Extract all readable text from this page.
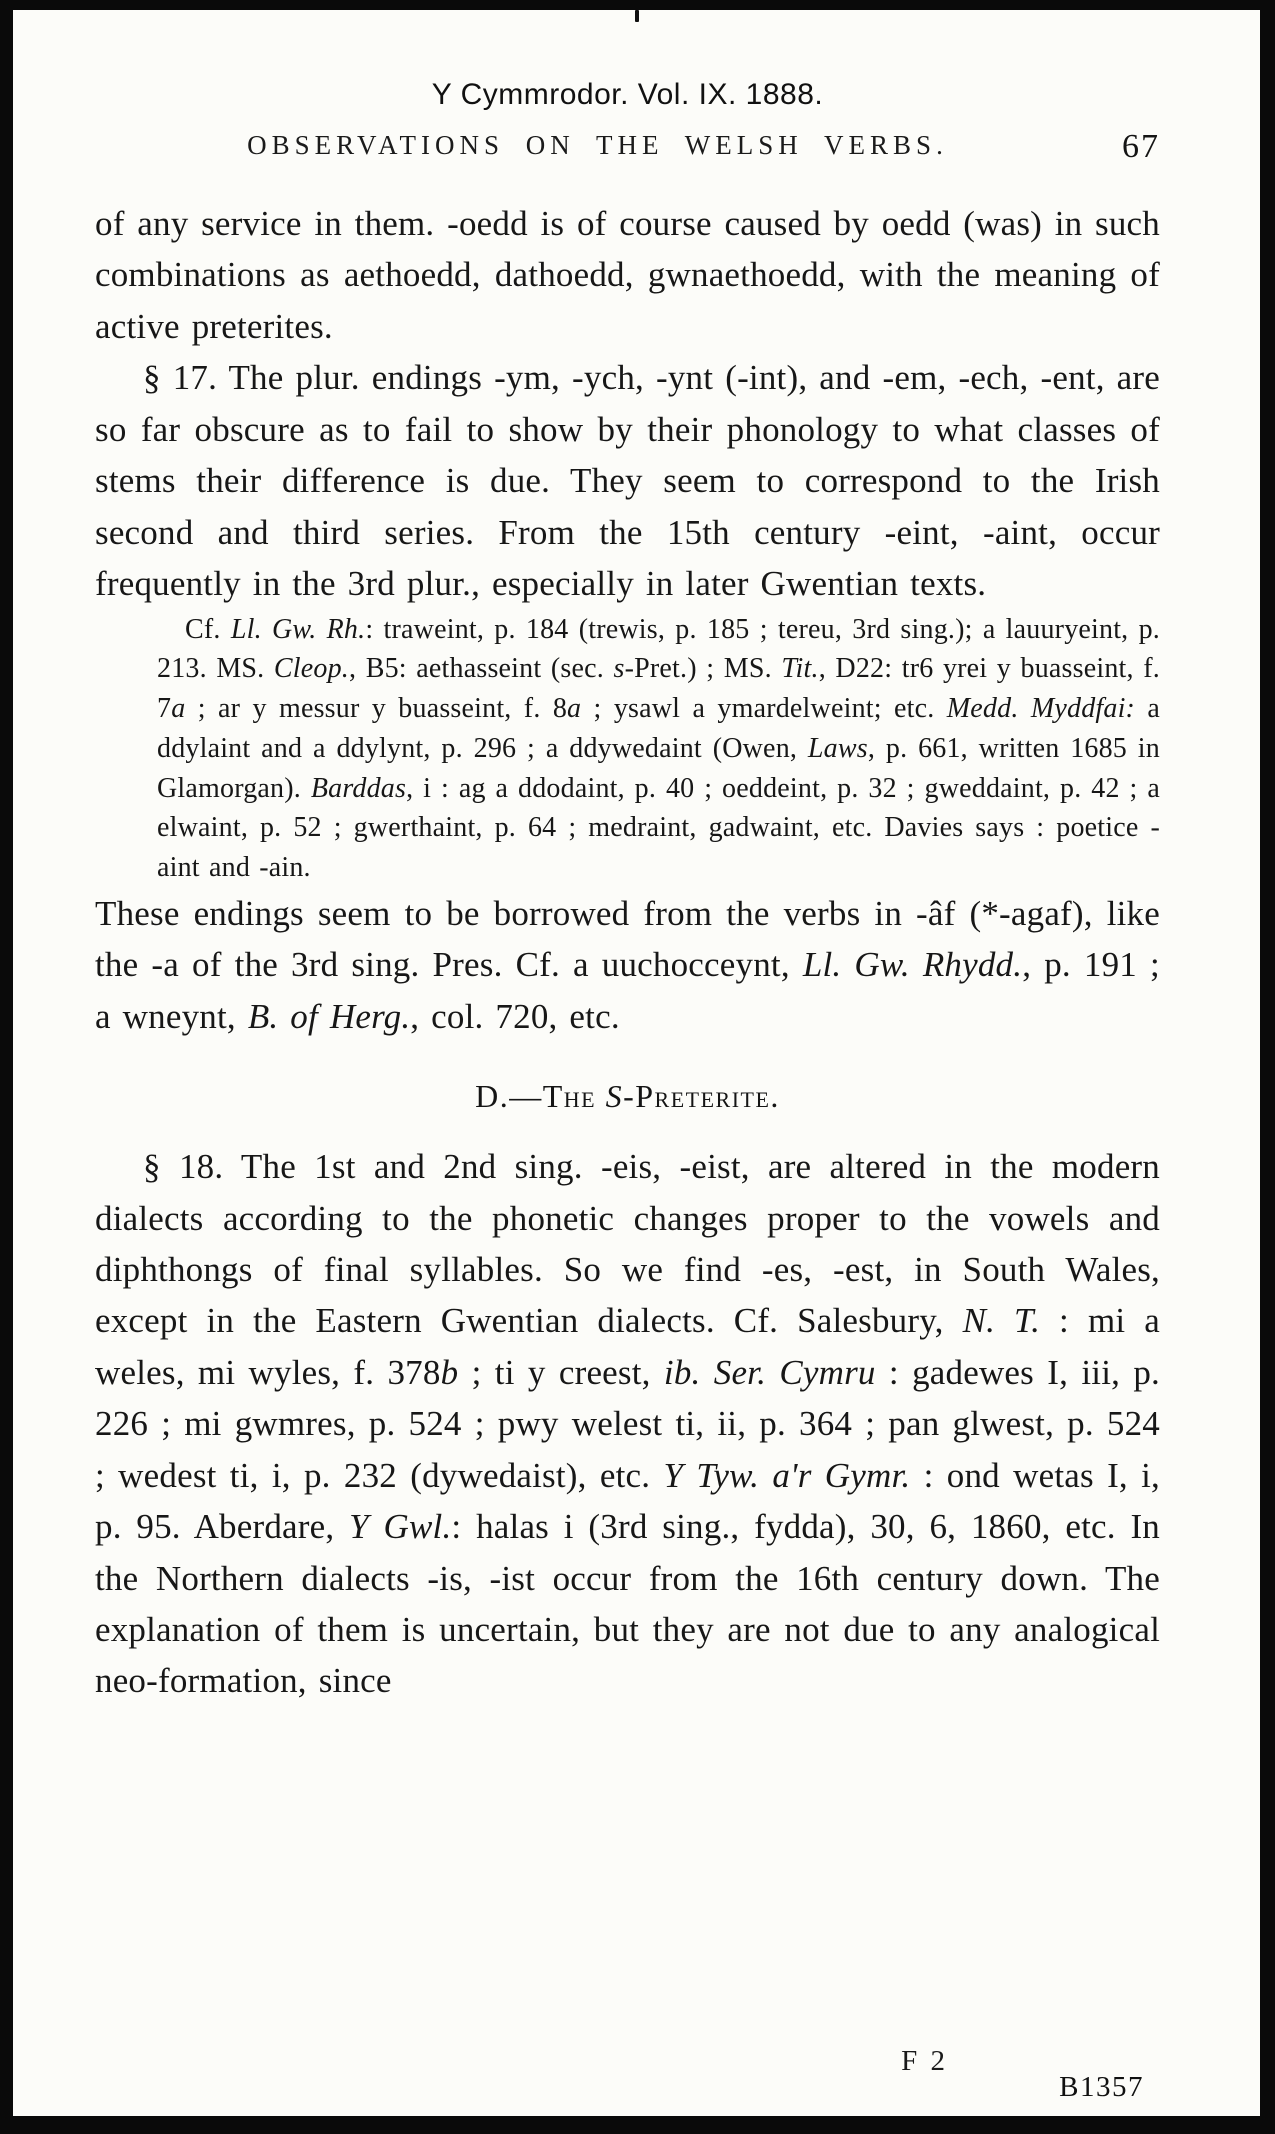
Y Cymmrodor. Vol. IX. 1888.
OBSERVATIONS ON THE WELSH VERBS.	67

of any service in them. -oedd is of course caused by oedd (was) in such combinations as aethoedd, dathoedd, gwnaethoedd, with the meaning of active preterites.

§ 17. The plur. endings -ym, -ych, -ynt (-int), and -em, -ech, -ent, are so far obscure as to fail to show by their phonology to what classes of stems their difference is due. They seem to correspond to the Irish second and third series. From the 15th century -eint, -aint, occur frequently in the 3rd plur., especially in later Gwentian texts.

Cf. Ll. Gw. Rh.: traweint, p. 184 (trewis, p. 185 ; tereu, 3rd sing.); a lauuryeint, p. 213. MS. Cleop., B5: aethasseint (sec. s-Pret.) ; MS. Tit., D22: tr6 yrei y buasseint, f. 7a ; ar y messur y buasseint, f. 8a ; ysawl a ymardelweint; etc. Medd. Myddfai: a ddylaint and a ddylynt, p. 296 ; a ddywedaint (Owen, Laws, p. 661, written 1685 in Glamorgan). Barddas, i : ag a ddodaint, p. 40 ; oeddeint, p. 32 ; gweddaint, p. 42 ; a elwaint, p. 52 ; gwerthaint, p. 64 ; medraint, gadwaint, etc. Davies says : poetice -aint and -ain.

These endings seem to be borrowed from the verbs in -âf (*-agaf), like the -a of the 3rd sing. Pres. Cf. a uuchocceynt, Ll. Gw. Rhydd., p. 191 ; a wneynt, B. of Herg., col. 720, etc.

D.—The S-Preterite.

§ 18. The 1st and 2nd sing. -eis, -eist, are altered in the modern dialects according to the phonetic changes proper to the vowels and diphthongs of final syllables. So we find -es, -est, in South Wales, except in the Eastern Gwentian dialects. Cf. Salesbury, N. T. : mi a weles, mi wyles, f. 378b ; ti y creest, ib. Ser. Cymru : gadewes I, iii, p. 226 ; mi gwmres, p. 524 ; pwy welest ti, ii, p. 364 ; pan glwest, p. 524 ; wedest ti, i, p. 232 (dywedaist), etc. Y Tyw. a'r Gymr. : ond wetas I, i, p. 95. Aberdare, Y Gwl.: halas i (3rd sing., fydda), 30, 6, 1860, etc. In the Northern dialects -is, -ist occur from the 16th century down. The explanation of them is uncertain, but they are not due to any analogical neo-formation, since

F 2
B1357
